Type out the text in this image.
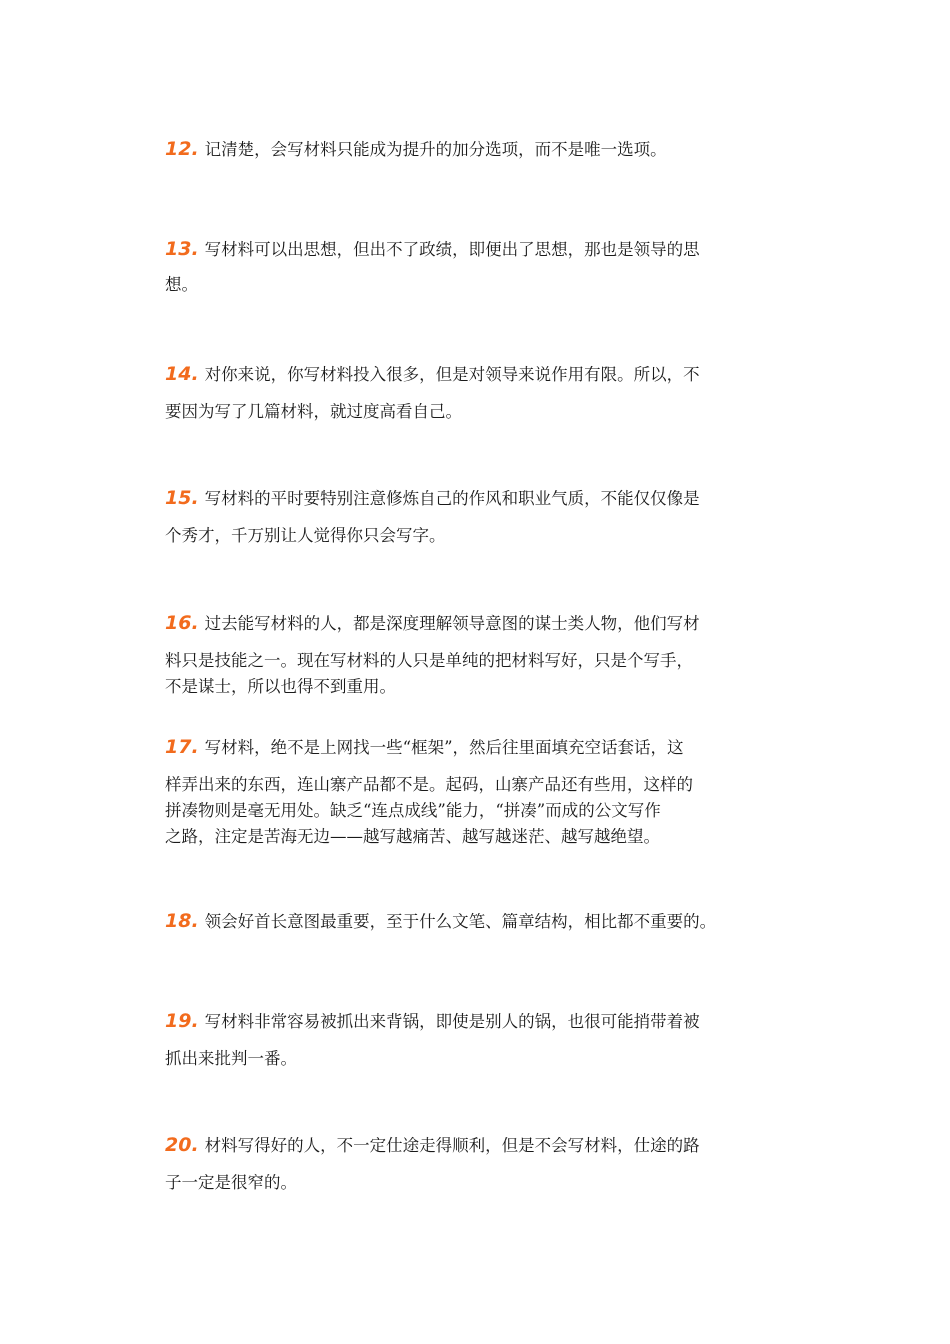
12. 记清楚，会写材料只能成为提升的加分选项，而不是唯一选项。
13. 写材料可以出思想，但出不了政绩，即便出了思想，那也是领导的思
想。
14. 对你来说，你写材料投入很多，但是对领导来说作用有限。所以，不
要因为写了几篇材料，就过度高看自己。
15. 写材料的平时要特别注意修炼自己的作风和职业气质，不能仅仅像是
个秀才，千万别让人觉得你只会写字。
16. 过去能写材料的人，都是深度理解领导意图的谋士类人物，他们写材
料只是技能之一。现在写材料的人只是单纯的把材料写好，只是个写手，
不是谋士，所以也得不到重用。
17. 写材料，绝不是上网找一些“框架”，然后往里面填充空话套话，这
样弄出来的东西，连山寨产品都不是。起码，山寨产品还有些用，这样的
拼凑物则是毫无用处。缺乏“连点成线”能力，“拼凑”而成的公文写作
之路，注定是苦海无边——越写越痛苦、越写越迷茫、越写越绝望。
18. 领会好首长意图最重要，至于什么文笔、篇章结构，相比都不重要的。
19. 写材料非常容易被抓出来背锅，即使是别人的锅，也很可能捎带着被
抓出来批判一番。
20. 材料写得好的人，不一定仕途走得顺利，但是不会写材料，仕途的路
子一定是很窄的。
